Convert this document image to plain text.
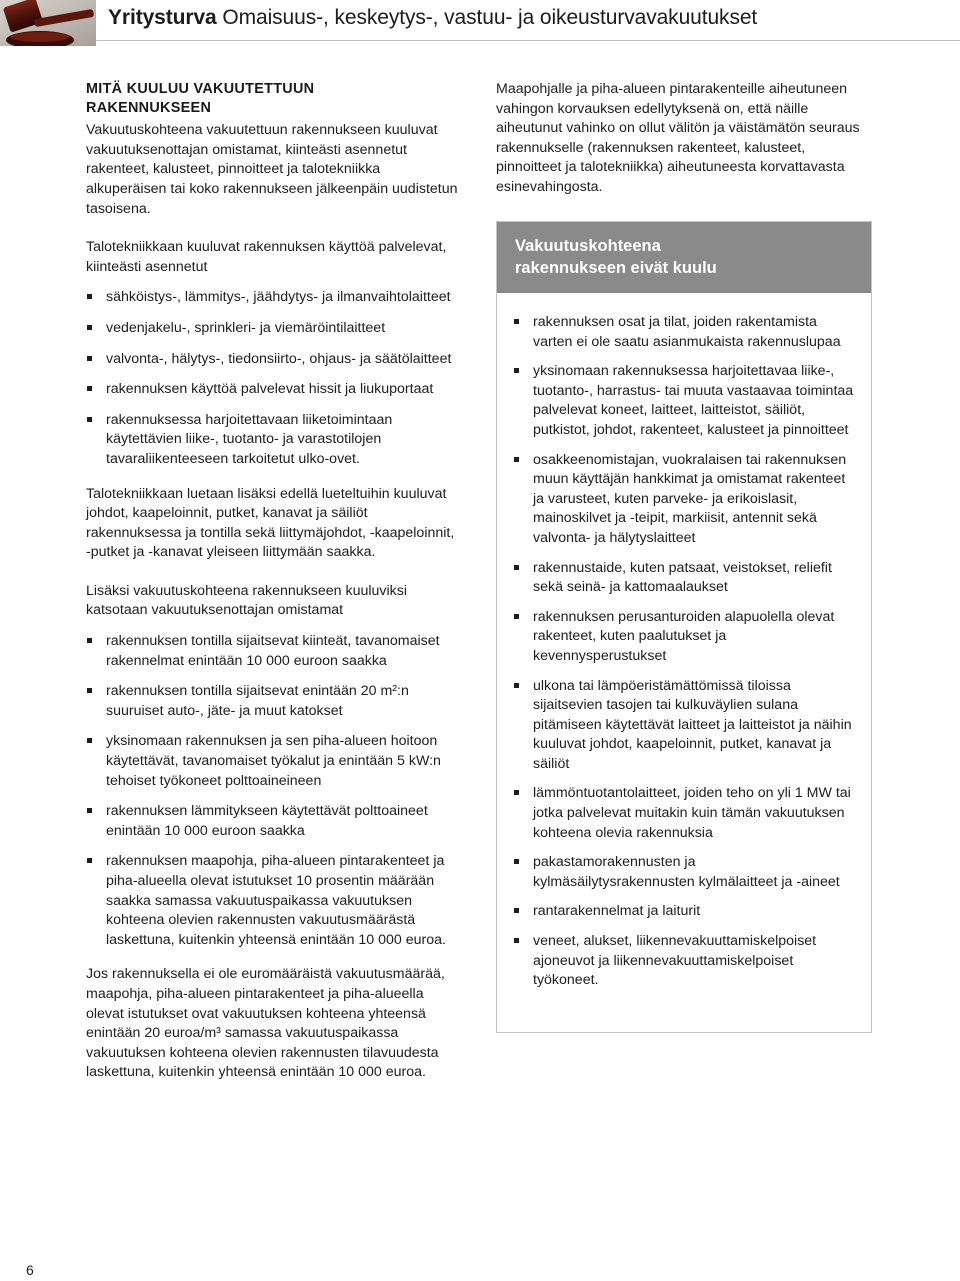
Yritysturva Omaisuus-, keskeytys-, vastuu- ja oikeusturvavakuutukset
MITÄ KUULUU VAKUUTETTUUN
RAKENNUKSEEN

Vakuutuskohteena vakuutettuun rakennukseen kuuluvat vakuutuksenottajan omistamat, kiinteästi asennetut rakenteet, kalusteet, pinnoitteet ja talotekniikka alkuperäisen tai koko rakennukseen jälkeenpäin uudistetun tasoisena.

Talotekniikkaan kuuluvat rakennuksen käyttöä palvelevat, kiinteästi asennetut

sähköistys-, lämmitys-, jäähdytys- ja ilmanvaihtolaitteet
vedenjakelu-, sprinkleri- ja viemäröintilaitteet
valvonta-, hälytys-, tiedonsiirto-, ohjaus- ja säätölaitteet
rakennuksen käyttöä palvelevat hissit ja liukuportaat
rakennuksessa harjoitettavaan liiketoimintaan käytettävien liike-, tuotanto- ja varastotilojen tavaraliikenteeseen tarkoitetut ulko-ovet.

Talotekniikkaan luetaan lisäksi edellä lueteltuihin kuuluvat johdot, kaapeloinnit, putket, kanavat ja säiliöt rakennuksessa ja tontilla sekä liittymäjohdot, -kaapeloinnit, -putket ja -kanavat yleiseen liittymään saakka.

Lisäksi vakuutuskohteena rakennukseen kuuluviksi katsotaan vakuutuksenottajan omistamat

rakennuksen tontilla sijaitsevat kiinteät, tavanomaiset rakennelmat enintään 10 000 euroon saakka
rakennuksen tontilla sijaitsevat enintään 20 m²:n suuruiset auto-, jäte- ja muut katokset
yksinomaan rakennuksen ja sen piha-alueen hoitoon käytettävät, tavanomaiset työkalut ja enintään 5 kW:n tehoiset työkoneet polttoaineineen
rakennuksen lämmitykseen käytettävät polttoaineet enintään 10 000 euroon saakka
rakennuksen maapohja, piha-alueen pintarakenteet ja piha-alueella olevat istutukset 10 prosentin määrään saakka samassa vakuutuspaikassa vakuutuksen kohteena olevien rakennusten vakuutusmäärästä laskettuna, kuitenkin yhteensä enintään 10 000 euroa.

Jos rakennuksella ei ole euromääräistä vakuutusmäärää, maapohja, piha-alueen pintarakenteet ja piha-alueella olevat istutukset ovat vakuutuksen kohteena yhteensä enintään 20 euroa/m³ samassa vakuutuspaikassa vakuutuksen kohteena olevien rakennusten tilavuudesta laskettuna, kuitenkin yhteensä enintään 10 000 euroa.

Maapohjalle ja piha-alueen pintarakenteille aiheutuneen vahingon korvauksen edellytyksenä on, että näille aiheutunut vahinko on ollut välitön ja väistämätön seuraus rakennukselle (rakennuksen rakenteet, kalusteet, pinnoitteet ja talotekniikka) aiheutuneesta korvattavasta esinevahingosta.

Vakuutuskohteena
rakennukseen eivät kuulu
rakennuksen osat ja tilat, joiden rakentamista varten ei ole saatu asianmukaista rakennuslupaa
yksinomaan rakennuksessa harjoitettavaa liike-, tuotanto-, harrastus- tai muuta vastaavaa toimintaa palvelevat koneet, laitteet, laitteistot, säiliöt, putkistot, johdot, rakenteet, kalusteet ja pinnoitteet
osakkeenomistajan, vuokralaisen tai rakennuksen muun käyttäjän hankkimat ja omistamat rakenteet ja varusteet, kuten parveke- ja erikoislasit, mainoskilvet ja -teipit, markiisit, antennit sekä valvonta- ja hälytyslaitteet
rakennustaide, kuten patsaat, veistokset, reliefit sekä seinä- ja kattomaalaukset
rakennuksen perusanturoiden alapuolella olevat rakenteet, kuten paalutukset ja kevennysperustukset
ulkona tai lämpöeristämättömissä tiloissa sijaitsevien tasojen tai kulkuväylien sulana pitämiseen käytettävät laitteet ja laitteistot ja näihin kuuluvat johdot, kaapeloinnit, putket, kanavat ja säiliöt
lämmöntuotantolaitteet, joiden teho on yli 1 MW tai jotka palvelevat muitakin kuin tämän vakuutuksen kohteena olevia rakennuksia
pakastamorakennusten ja kylmäsäilytysrakennusten kylmälaitteet ja -aineet
rantarakennelmat ja laiturit
veneet, alukset, liikennevakuuttamiskelpoiset ajoneuvot ja liikennevakuuttamiskelpoiset työkoneet.
6
